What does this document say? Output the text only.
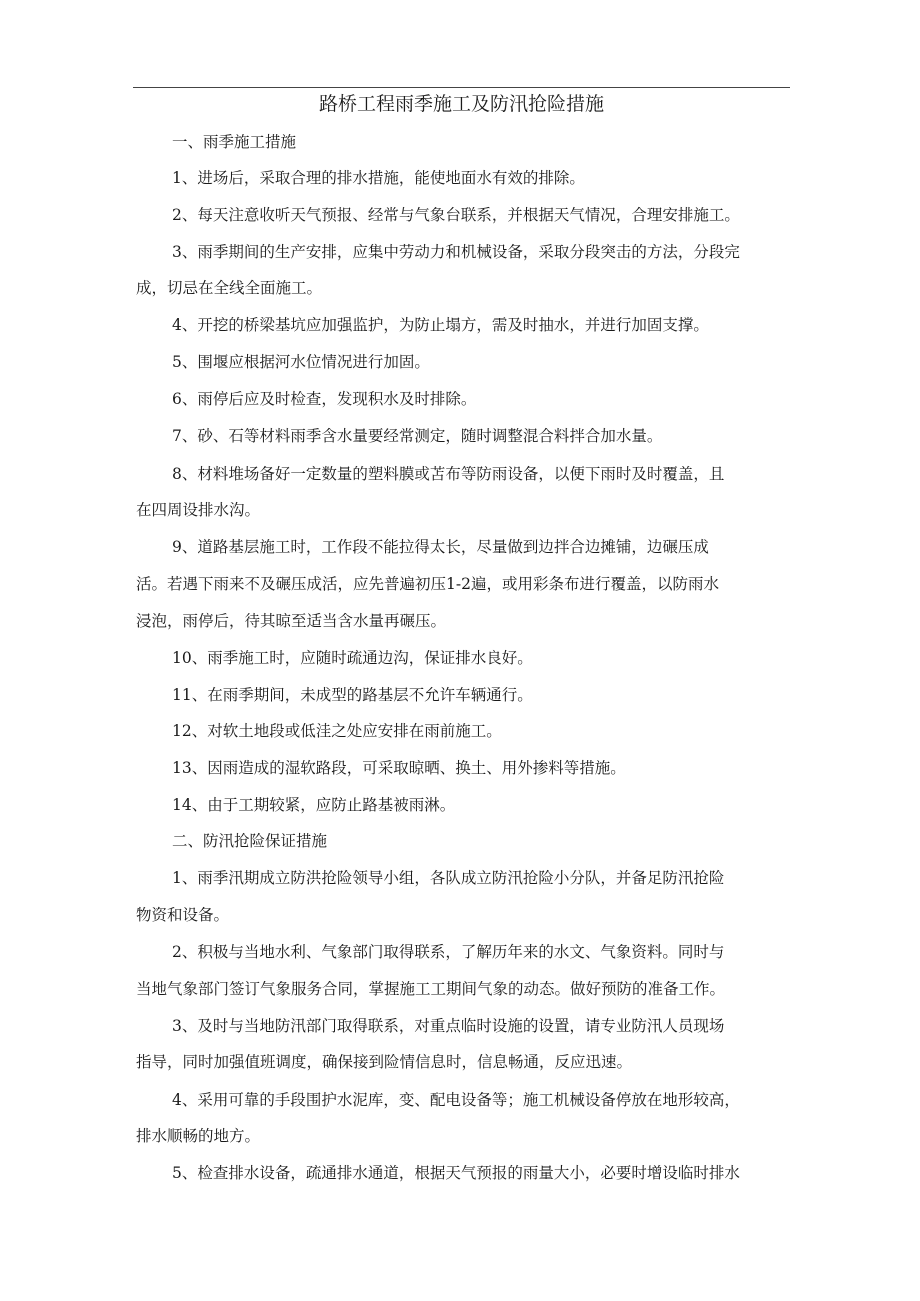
路桥工程雨季施工及防汛抢险措施
一、雨季施工措施
1、进场后，采取合理的排水措施，能使地面水有效的排除。
2、每天注意收听天气预报、经常与气象台联系，并根据天气情况，合理安排施工。
3、雨季期间的生产安排，应集中劳动力和机械设备，采取分段突击的方法，分段完
成，切忌在全线全面施工。
4、开挖的桥梁基坑应加强监护，为防止塌方，需及时抽水，并进行加固支撑。
5、围堰应根据河水位情况进行加固。
6、雨停后应及时检查，发现积水及时排除。
7、砂、石等材料雨季含水量要经常测定，随时调整混合料拌合加水量。
8、材料堆场备好一定数量的塑料膜或苫布等防雨设备，以便下雨时及时覆盖，且
在四周设排水沟。
9、道路基层施工时，工作段不能拉得太长，尽量做到边拌合边摊铺，边碾压成
活。若遇下雨来不及碾压成活，应先普遍初压1-2遍，或用彩条布进行覆盖，以防雨水
浸泡，雨停后，待其晾至适当含水量再碾压。
10、雨季施工时，应随时疏通边沟，保证排水良好。
11、在雨季期间，未成型的路基层不允许车辆通行。
12、对软土地段或低洼之处应安排在雨前施工。
13、因雨造成的湿软路段，可采取晾晒、换土、用外掺料等措施。
14、由于工期较紧，应防止路基被雨淋。
二、防汛抢险保证措施
1、雨季汛期成立防洪抢险领导小组，各队成立防汛抢险小分队，并备足防汛抢险
物资和设备。
2、积极与当地水利、气象部门取得联系，了解历年来的水文、气象资料。同时与
当地气象部门签订气象服务合同，掌握施工工期间气象的动态。做好预防的准备工作。
3、及时与当地防汛部门取得联系，对重点临时设施的设置，请专业防汛人员现场
指导，同时加强值班调度，确保接到险情信息时，信息畅通，反应迅速。
4、采用可靠的手段围护水泥库，变、配电设备等；施工机械设备停放在地形较高，
排水顺畅的地方。
5、检查排水设备，疏通排水通道，根据天气预报的雨量大小，必要时增设临时排水
